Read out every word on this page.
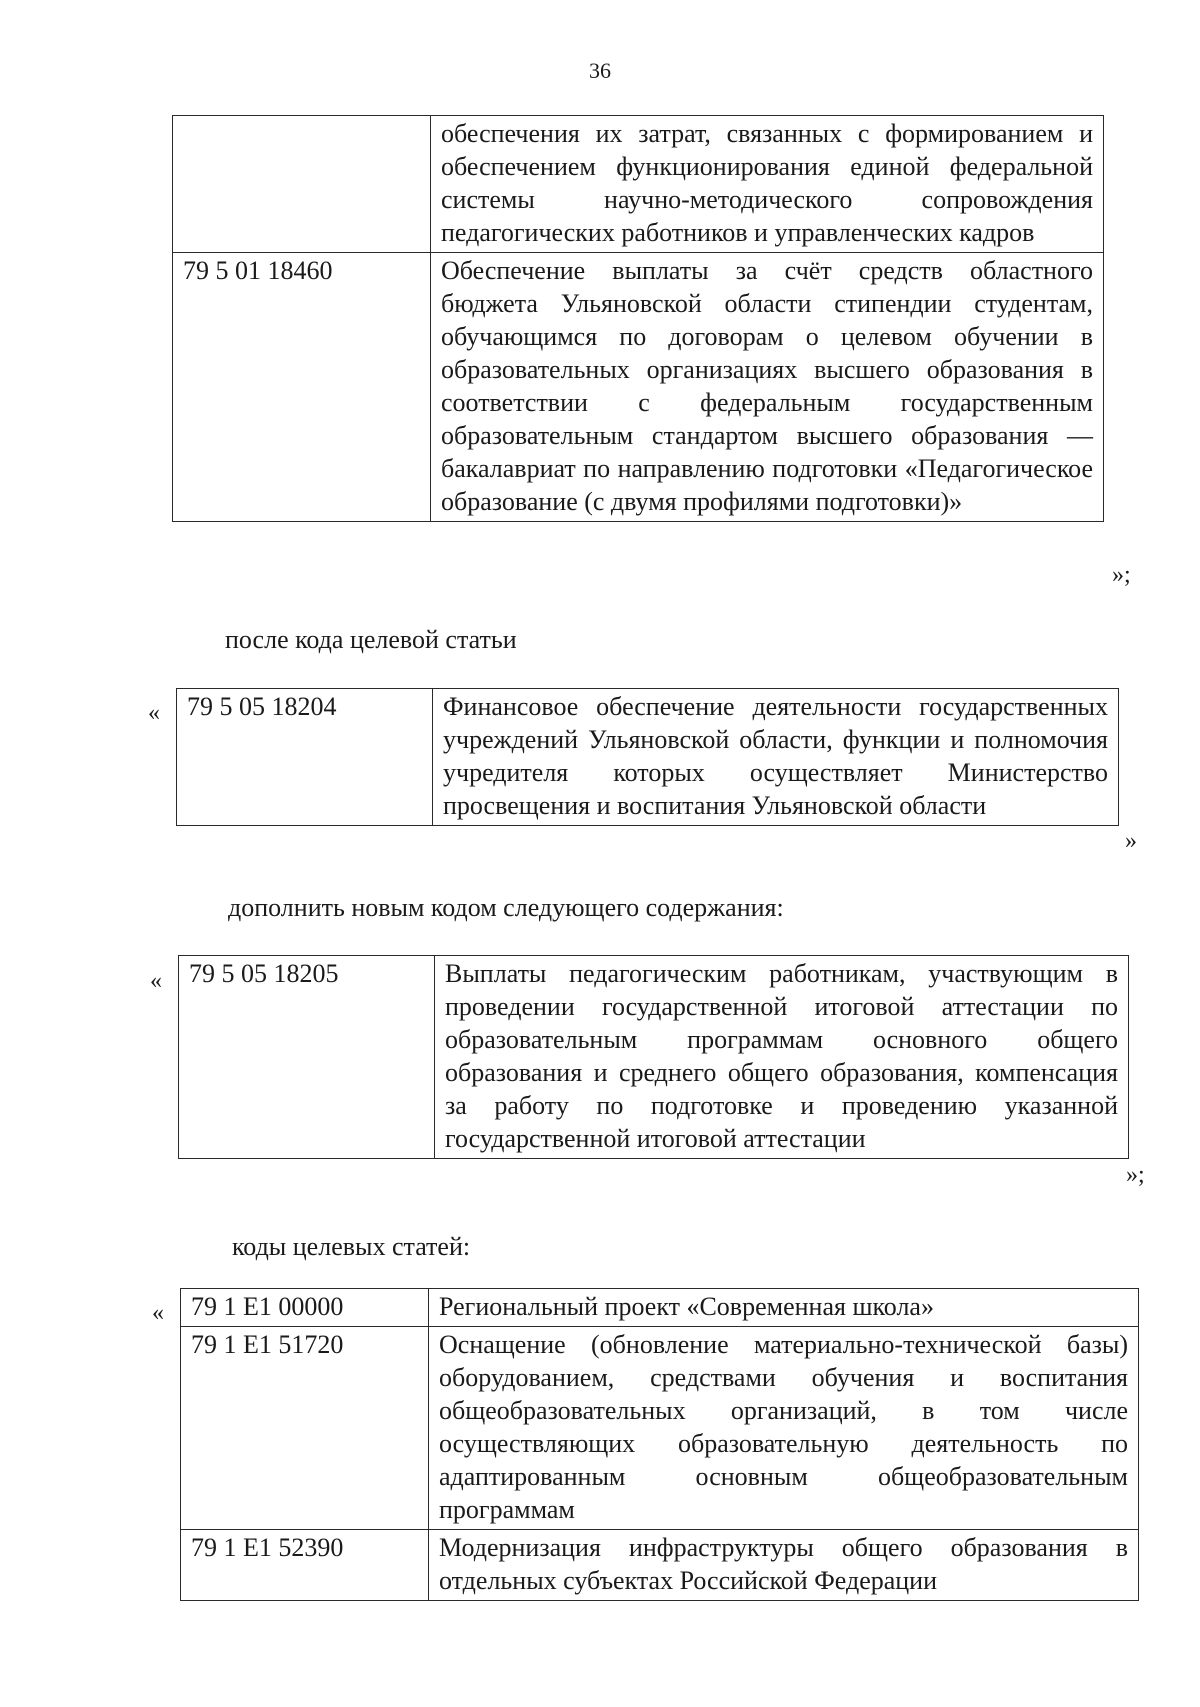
36
	обеспечения их затрат, связанных с формированием и обеспечением функционирования единой федеральной системы научно-методического сопровождения педагогических работников и управленческих кадров
79 5 01 18460	Обеспечение выплаты за счёт средств областного бюджета Ульяновской области стипендии студентам, обучающимся по договорам о целевом обучении в образовательных организациях высшего образования в соответствии с федеральным государственным образовательным стандартом высшего образования — бакалавриат по направлению подготовки «Педагогическое образование (с двумя профилями подготовки)»
»;
после кода целевой статьи
« 79 5 05 18204	Финансовое обеспечение деятельности государственных учреждений Ульяновской области, функции и полномочия учредителя которых осуществляет Министерство просвещения и воспитания Ульяновской области
»
дополнить новым кодом следующего содержания:
« 79 5 05 18205	Выплаты педагогическим работникам, участвующим в проведении государственной итоговой аттестации по образовательным программам основного общего образования и среднего общего образования, компенсация за работу по подготовке и проведению указанной государственной итоговой аттестации
»;
коды целевых статей:
« 79 1 E1 00000	Региональный проект «Современная школа»
79 1 E1 51720	Оснащение (обновление материально-технической базы) оборудованием, средствами обучения и воспитания общеобразовательных организаций, в том числе осуществляющих образовательную деятельность по адаптированным основным общеобразовательным программам
79 1 E1 52390	Модернизация инфраструктуры общего образования в отдельных субъектах Российской Федерации
